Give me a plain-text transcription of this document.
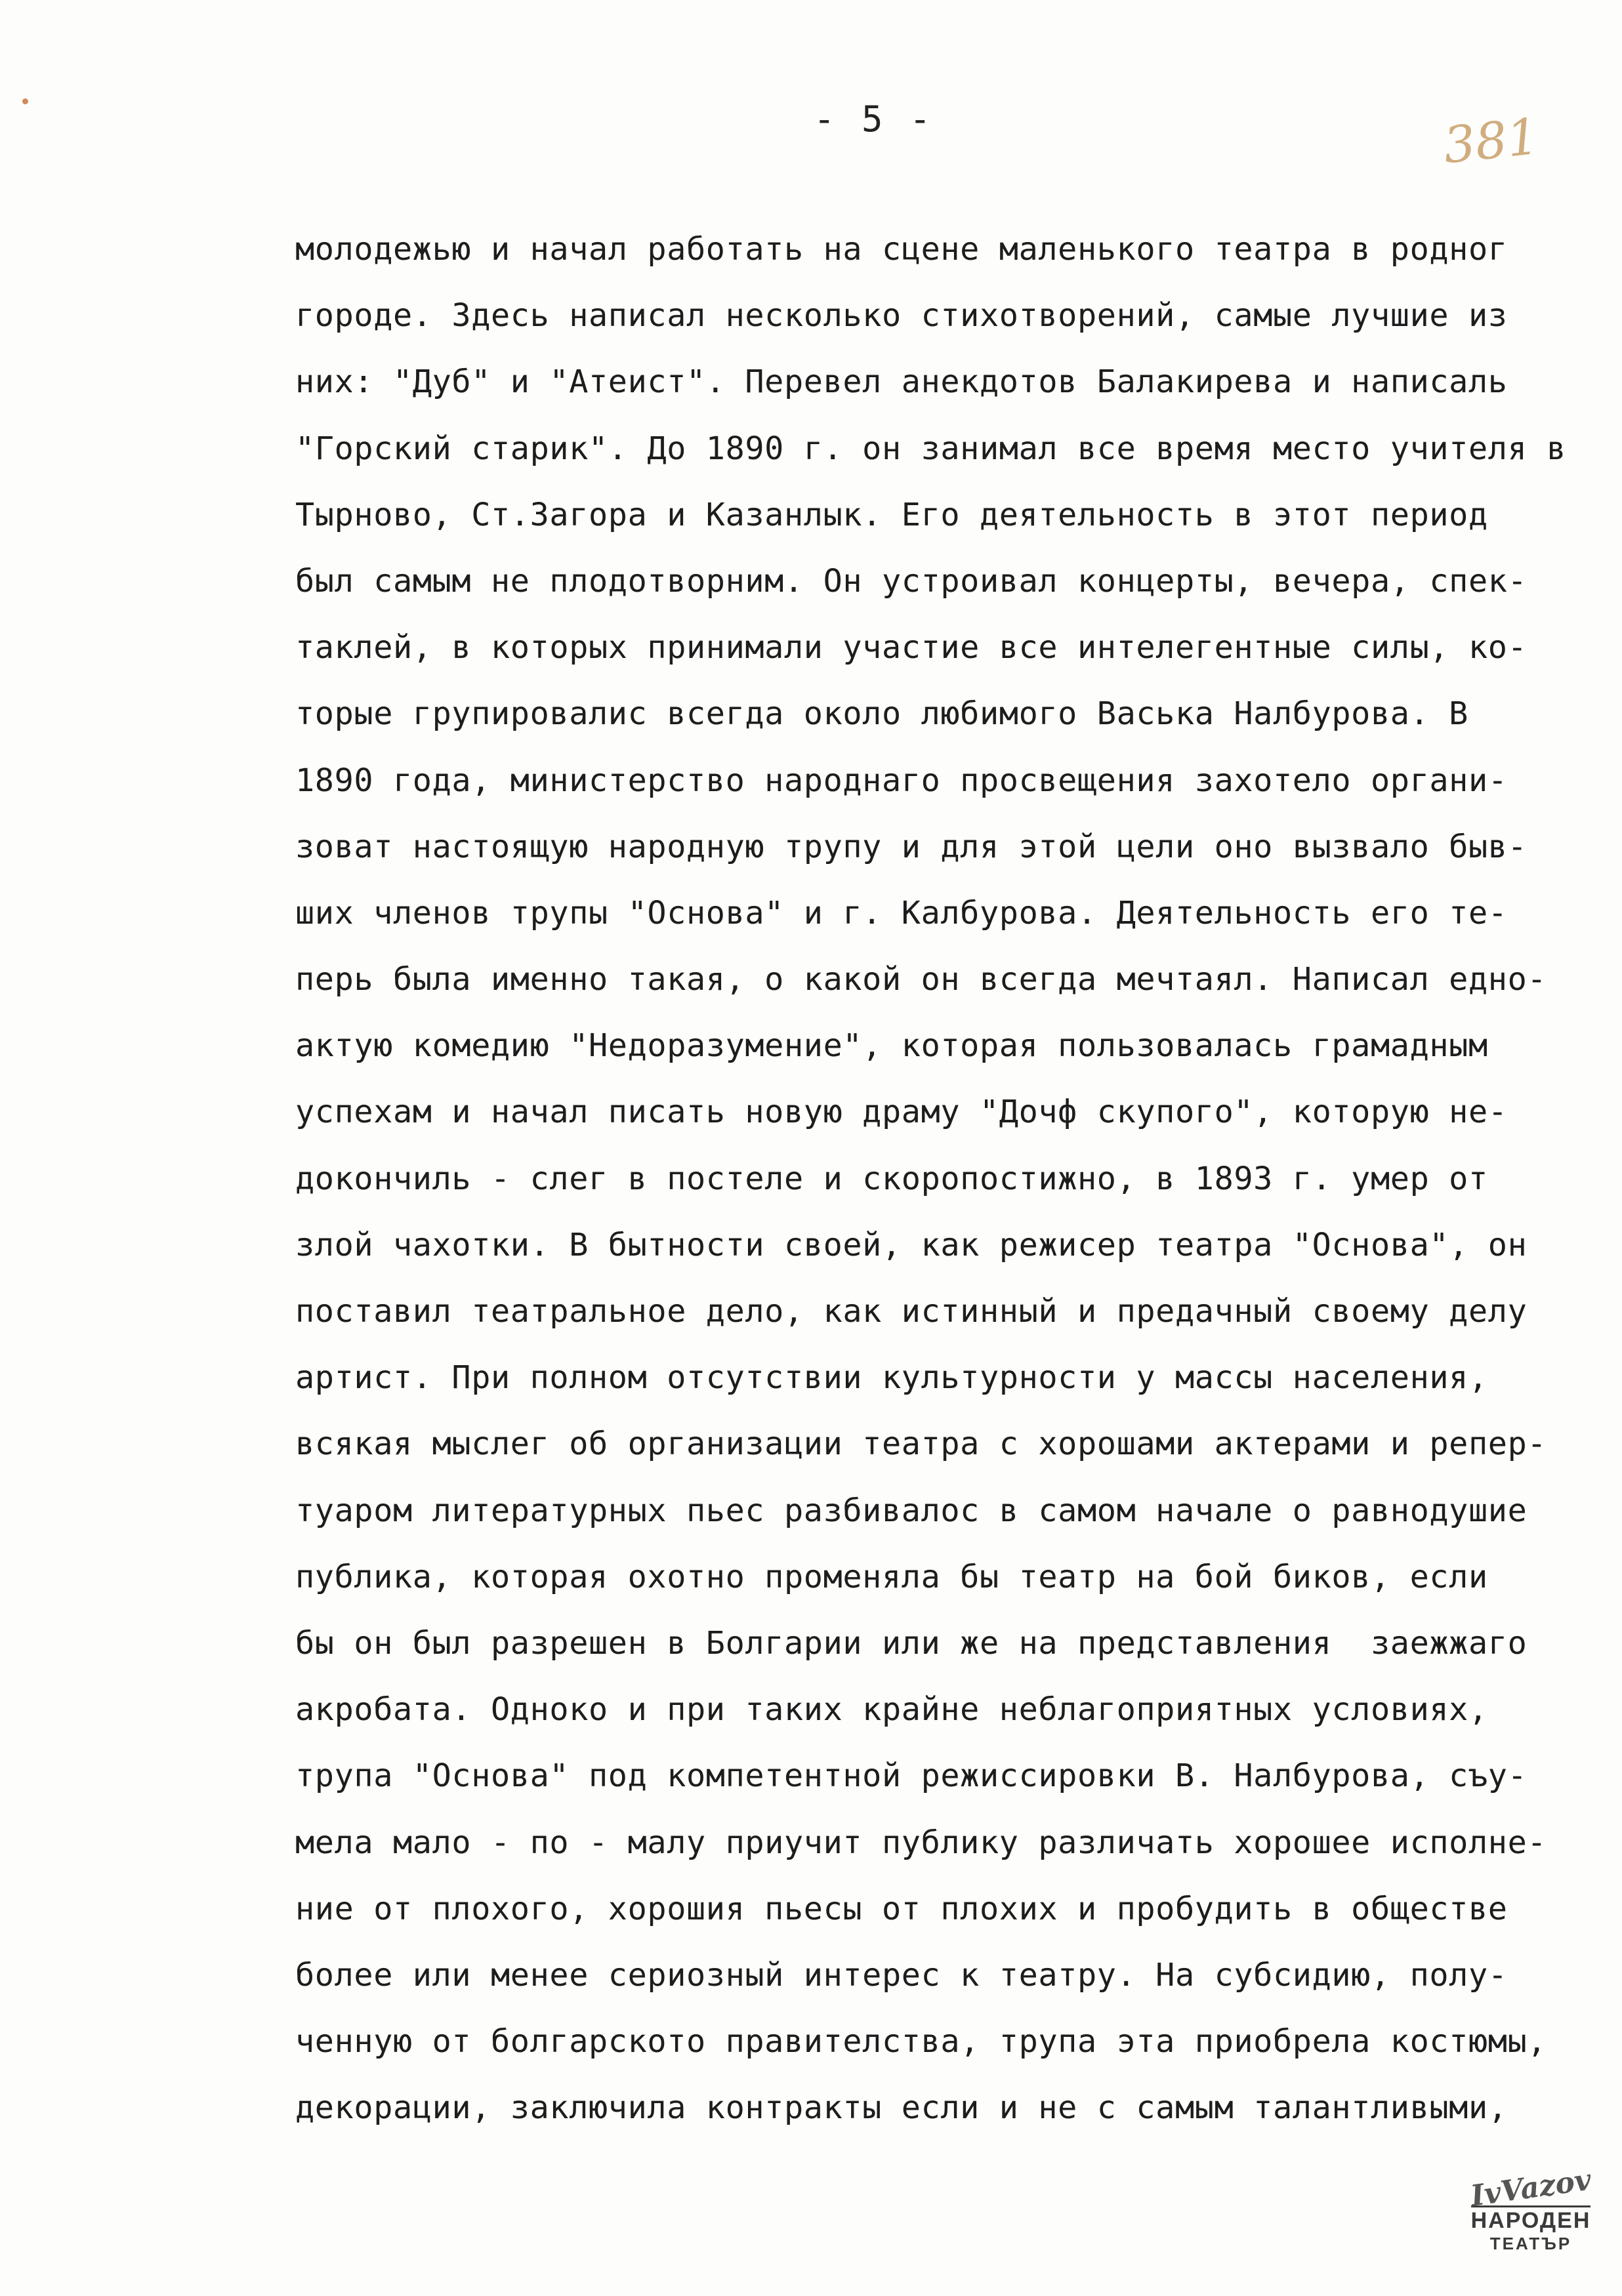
- 5 -	381
молодежью и начал работать на сцене маленького театра в родног
городе. Здесь написал несколько стихотворений, самые лучшие из
них: "Дуб" и "Атеист". Перевел анекдотов Балакирева и написаль
"Горский старик". До 1890 г. он занимал все время место учителя в
Тырново, Ст.Загора и Казанлык. Его деятельность в этот период
был самым не плодотворним. Он устроивал концерты, вечера, спек-
таклей, в которых принимали участие все интелегентные силы, ко-
торые групировалис всегда около любимого Васька Налбурова. В
1890 года, министерство народнаго просвещения захотело органи-
зоват настоящую народную трупу и для этой цели оно вызвало быв-
ших членов трупы "Основа" и г. Калбурова. Деятельность его те-
перь была именно такая, о какой он всегда мечтаял. Написал едно-
актую комедию "Недоразумение", которая пользовалась грамадным
успехам и начал писать новую драму "Дочф скупого", которую не-
докончиль - слег в постеле и скоропостижно, в 1893 г. умер от
злой чахотки. В бытности своей, как режисер театра "Основа", он
поставил театральное дело, как истинный и предачный своему делу
артист. При полном отсутствии культурности у массы населения,
всякая мыслег об организации театра с хорошами актерами и репер-
туаром литературных пьес разбивалос в самом начале о равнодушие
публика, которая охотно променяла бы театр на бой биков, если
бы он был разрешен в Болгарии или же на представления  заежжаго
акробата. Одноко и при таких крайне неблагоприятных условиях,
трупа "Основа" под компетентной режиссировки В. Налбурова, съу-
мела мало - по - малу приучит публику различать хорошее исполне-
ние от плохого, хорошия пьесы от плохих и пробудить в обществе
более или менее сериозный интерес к театру. На субсидию, полу-
ченную от болгарското правителства, трупа эта приобрела костюмы,
декорации, заключила контракты если и не с самым талантливыми,
IvVazov
НАРОДЕН
ТЕАТЪР
